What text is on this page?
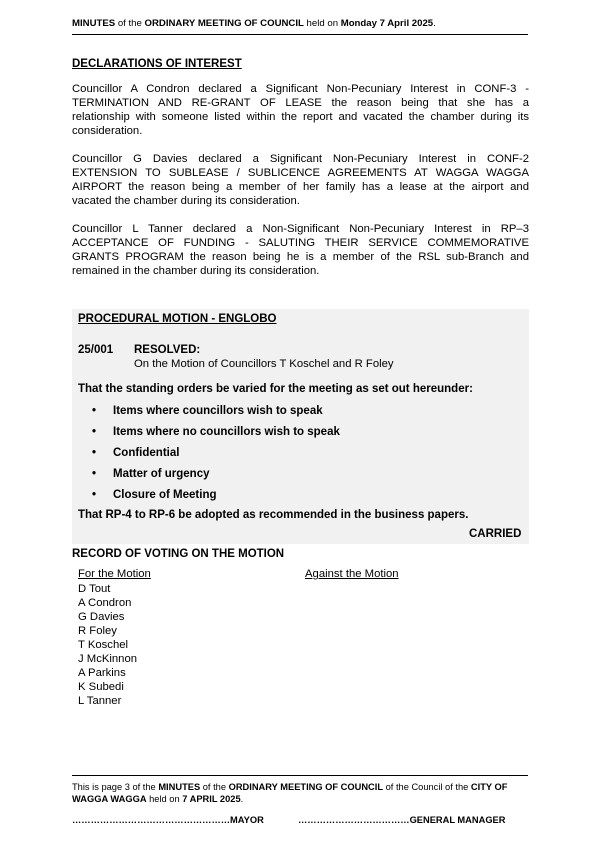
MINUTES of the ORDINARY MEETING OF COUNCIL held on Monday 7 April 2025.
DECLARATIONS OF INTEREST
Councillor A Condron declared a Significant Non-Pecuniary Interest in CONF-3 -
TERMINATION AND RE-GRANT OF LEASE the reason being that she has a
relationship with someone listed within the report and vacated the chamber during its
consideration.
Councillor G Davies declared a Significant Non-Pecuniary Interest in CONF-2
EXTENSION TO SUBLEASE / SUBLICENCE AGREEMENTS AT WAGGA WAGGA
AIRPORT the reason being a member of her family has a lease at the airport and
vacated the chamber during its consideration.
Councillor L Tanner declared a Non-Significant Non-Pecuniary Interest in RP–3
ACCEPTANCE OF FUNDING - SALUTING THEIR SERVICE COMMEMORATIVE
GRANTS PROGRAM the reason being he is a member of the RSL sub-Branch and
remained in the chamber during its consideration.
PROCEDURAL MOTION - ENGLOBO
25/001 RESOLVED:
On the Motion of Councillors T Koschel and R Foley
That the standing orders be varied for the meeting as set out hereunder:
• Items where councillors wish to speak
• Items where no councillors wish to speak
• Confidential
• Matter of urgency
• Closure of Meeting
That RP-4 to RP-6 be adopted as recommended in the business papers.
CARRIED
RECORD OF VOTING ON THE MOTION
For the Motion	Against the Motion
D Tout
A Condron
G Davies
R Foley
T Koschel
J McKinnon
A Parkins
K Subedi
L Tanner
This is page 3 of the MINUTES of the ORDINARY MEETING OF COUNCIL of the Council of the CITY OF WAGGA WAGGA held on 7 APRIL 2025.
……………………………………………MAYOR	………………………………GENERAL MANAGER
